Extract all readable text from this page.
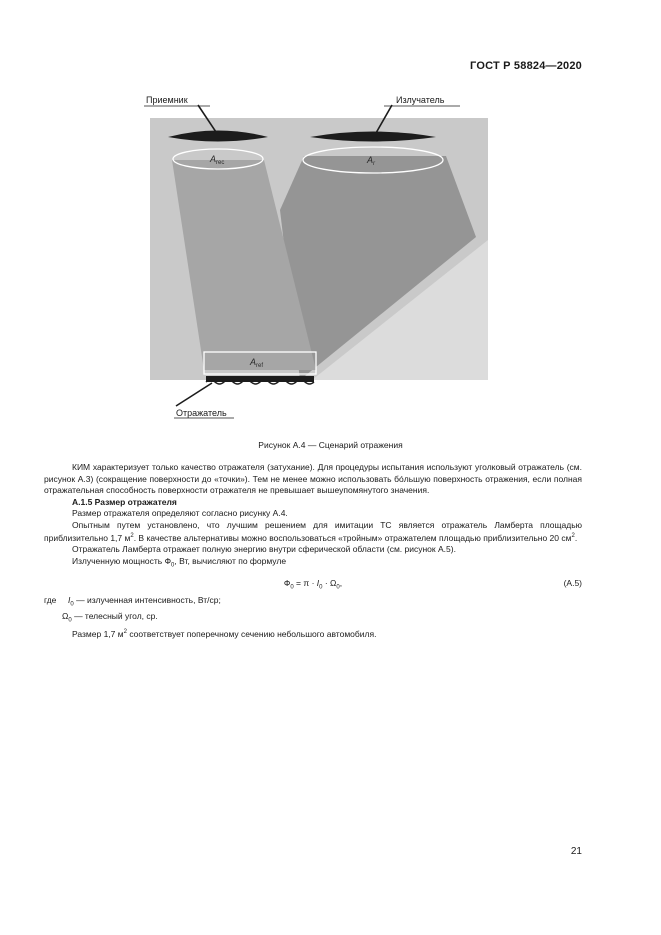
ГОСТ Р 58824—2020
Приемник	Излучатель
Отражатель
$A_{rec}$	$A_r$
$A_{ref}$
Рисунок А.4 — Сценарий отражения

КИМ характеризует только качество отражателя (затухание). Для процедуры испытания используют уголковый отражатель (см. рисунок А.3) (сокращение поверхности до «точки»). Тем не менее можно использовать бóльшую поверхность отражения, если полная отражательная способность поверхности отражателя не превышает вышеупомянутого значения.

А.1.5 Размер отражателя

Размер отражателя определяют согласно рисунку А.4.

Опытным путем установлено, что лучшим решением для имитации ТС является отражатель Ламберта площадью приблизительно 1,7 $м^2$. В качестве альтернативы можно воспользоваться «тройным» отражателем площадью приблизительно 20 $см^2$.

Отражатель Ламберта отражает полную энергию внутри сферической области (см. рисунок А.5).

Излученную мощность $Ф_0$, Вт, вычисляют по формуле

$Ф_0 = \pi \cdot I_0 \cdot \Omega_0$,	(А.5)

где $I_0$ — излученная интенсивность, Вт/ср;

$\Omega_0$ — телесный угол, ср.

Размер 1,7 $м^2$ соответствует поперечному сечению небольшого автомобиля.

21
